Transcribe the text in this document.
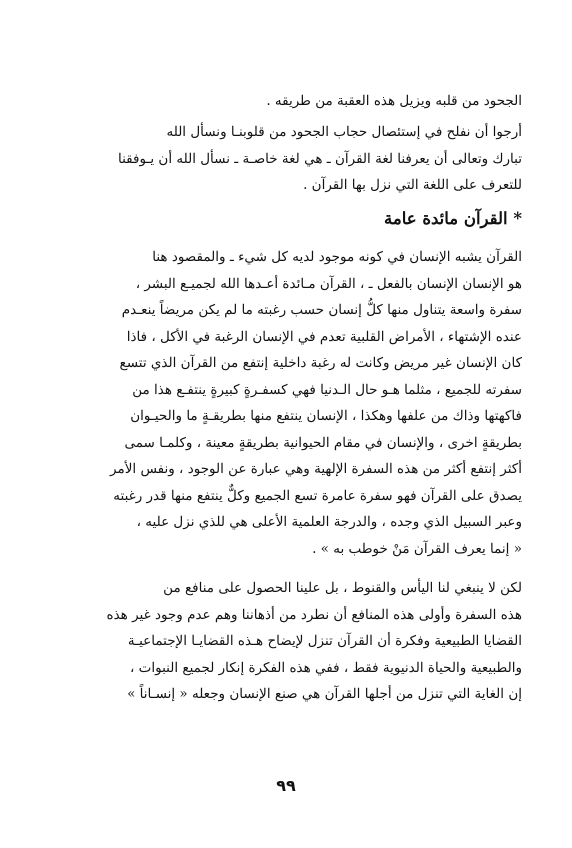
الجحود من قلبه ويزيل هذه العقبة من طريقه .
أرجوا أن نفلح في إستئصال حجاب الجحود من قلوبنـا ونسأل الله
تبارك وتعالى أن يعرفنا لغة القرآن ـ هي لغة خاصـة ـ نسأل الله أن يـوفقنا
للتعرف على اللغة التي نزل بها القرآن .
* القرآن مائدة عامة
القرآن يشبه الإنسان في كونه موجود لديه كل شيء ـ والمقصود هنا
هو الإنسان الإنسان بالفعل ـ ، القرآن مـائدة أعـدها الله لجميـع البشر ،
سفرة واسعة يتناول منها كلُّ إنسان حسب رغبته ما لم يكن مريضاً ينعـدم
عنده الإشتهاء ، الأمراض القلبية تعدم في الإنسان الرغبة في الأكل ، فاذا
كان الإنسان غير مريض وكانت له رغبة داخلية إنتفع من القرآن الذي تتسع
سفرته للجميع ، مثلما هـو حال الـدنيا فهي كسفـرةٍ كبيرةٍ ينتفـع هذا من
فاكهتها وذاك من علفها وهكذا ، الإنسان ينتفع منها بطريقـةٍ ما والحيـوان
بطريقةٍ اخرى ، والإنسان في مقام الحيوانية بطريقةٍ معينة ، وكلمـا سمى
أكثر إنتفع أكثر من هذه السفرة الإلهية وهي عبارة عن الوجود ، ونفس الأمر
يصدق على القرآن فهو سفرة عامرة تسع الجميع وكلٌّ ينتفع منها قدر رغبته
وعبر السبيل الذي وجده ، والدرجة العلمية الأعلى هي للذي نزل عليه ،
« إنما يعرف القرآن مَنْ خوطب به » .
لكن لا ينبغي لنا اليأس والقنوط ، بل علينا الحصول على منافع من
هذه السفرة وأولى هذه المنافع أن نطرد من أذهاننا وهم عدم وجود غير هذه
القضايا الطبيعية وفكرة أن القرآن تنزل لإيضاح هـذه القضايـا الإجتماعيـة
والطبيعية والحياة الدنيوية فقط ، ففي هذه الفكرة إنكار لجميع النبوات ،
إن الغاية التي تنزل من أجلها القرآن هي صنع الإنسان وجعله « إنسـاناً »
٩٩
